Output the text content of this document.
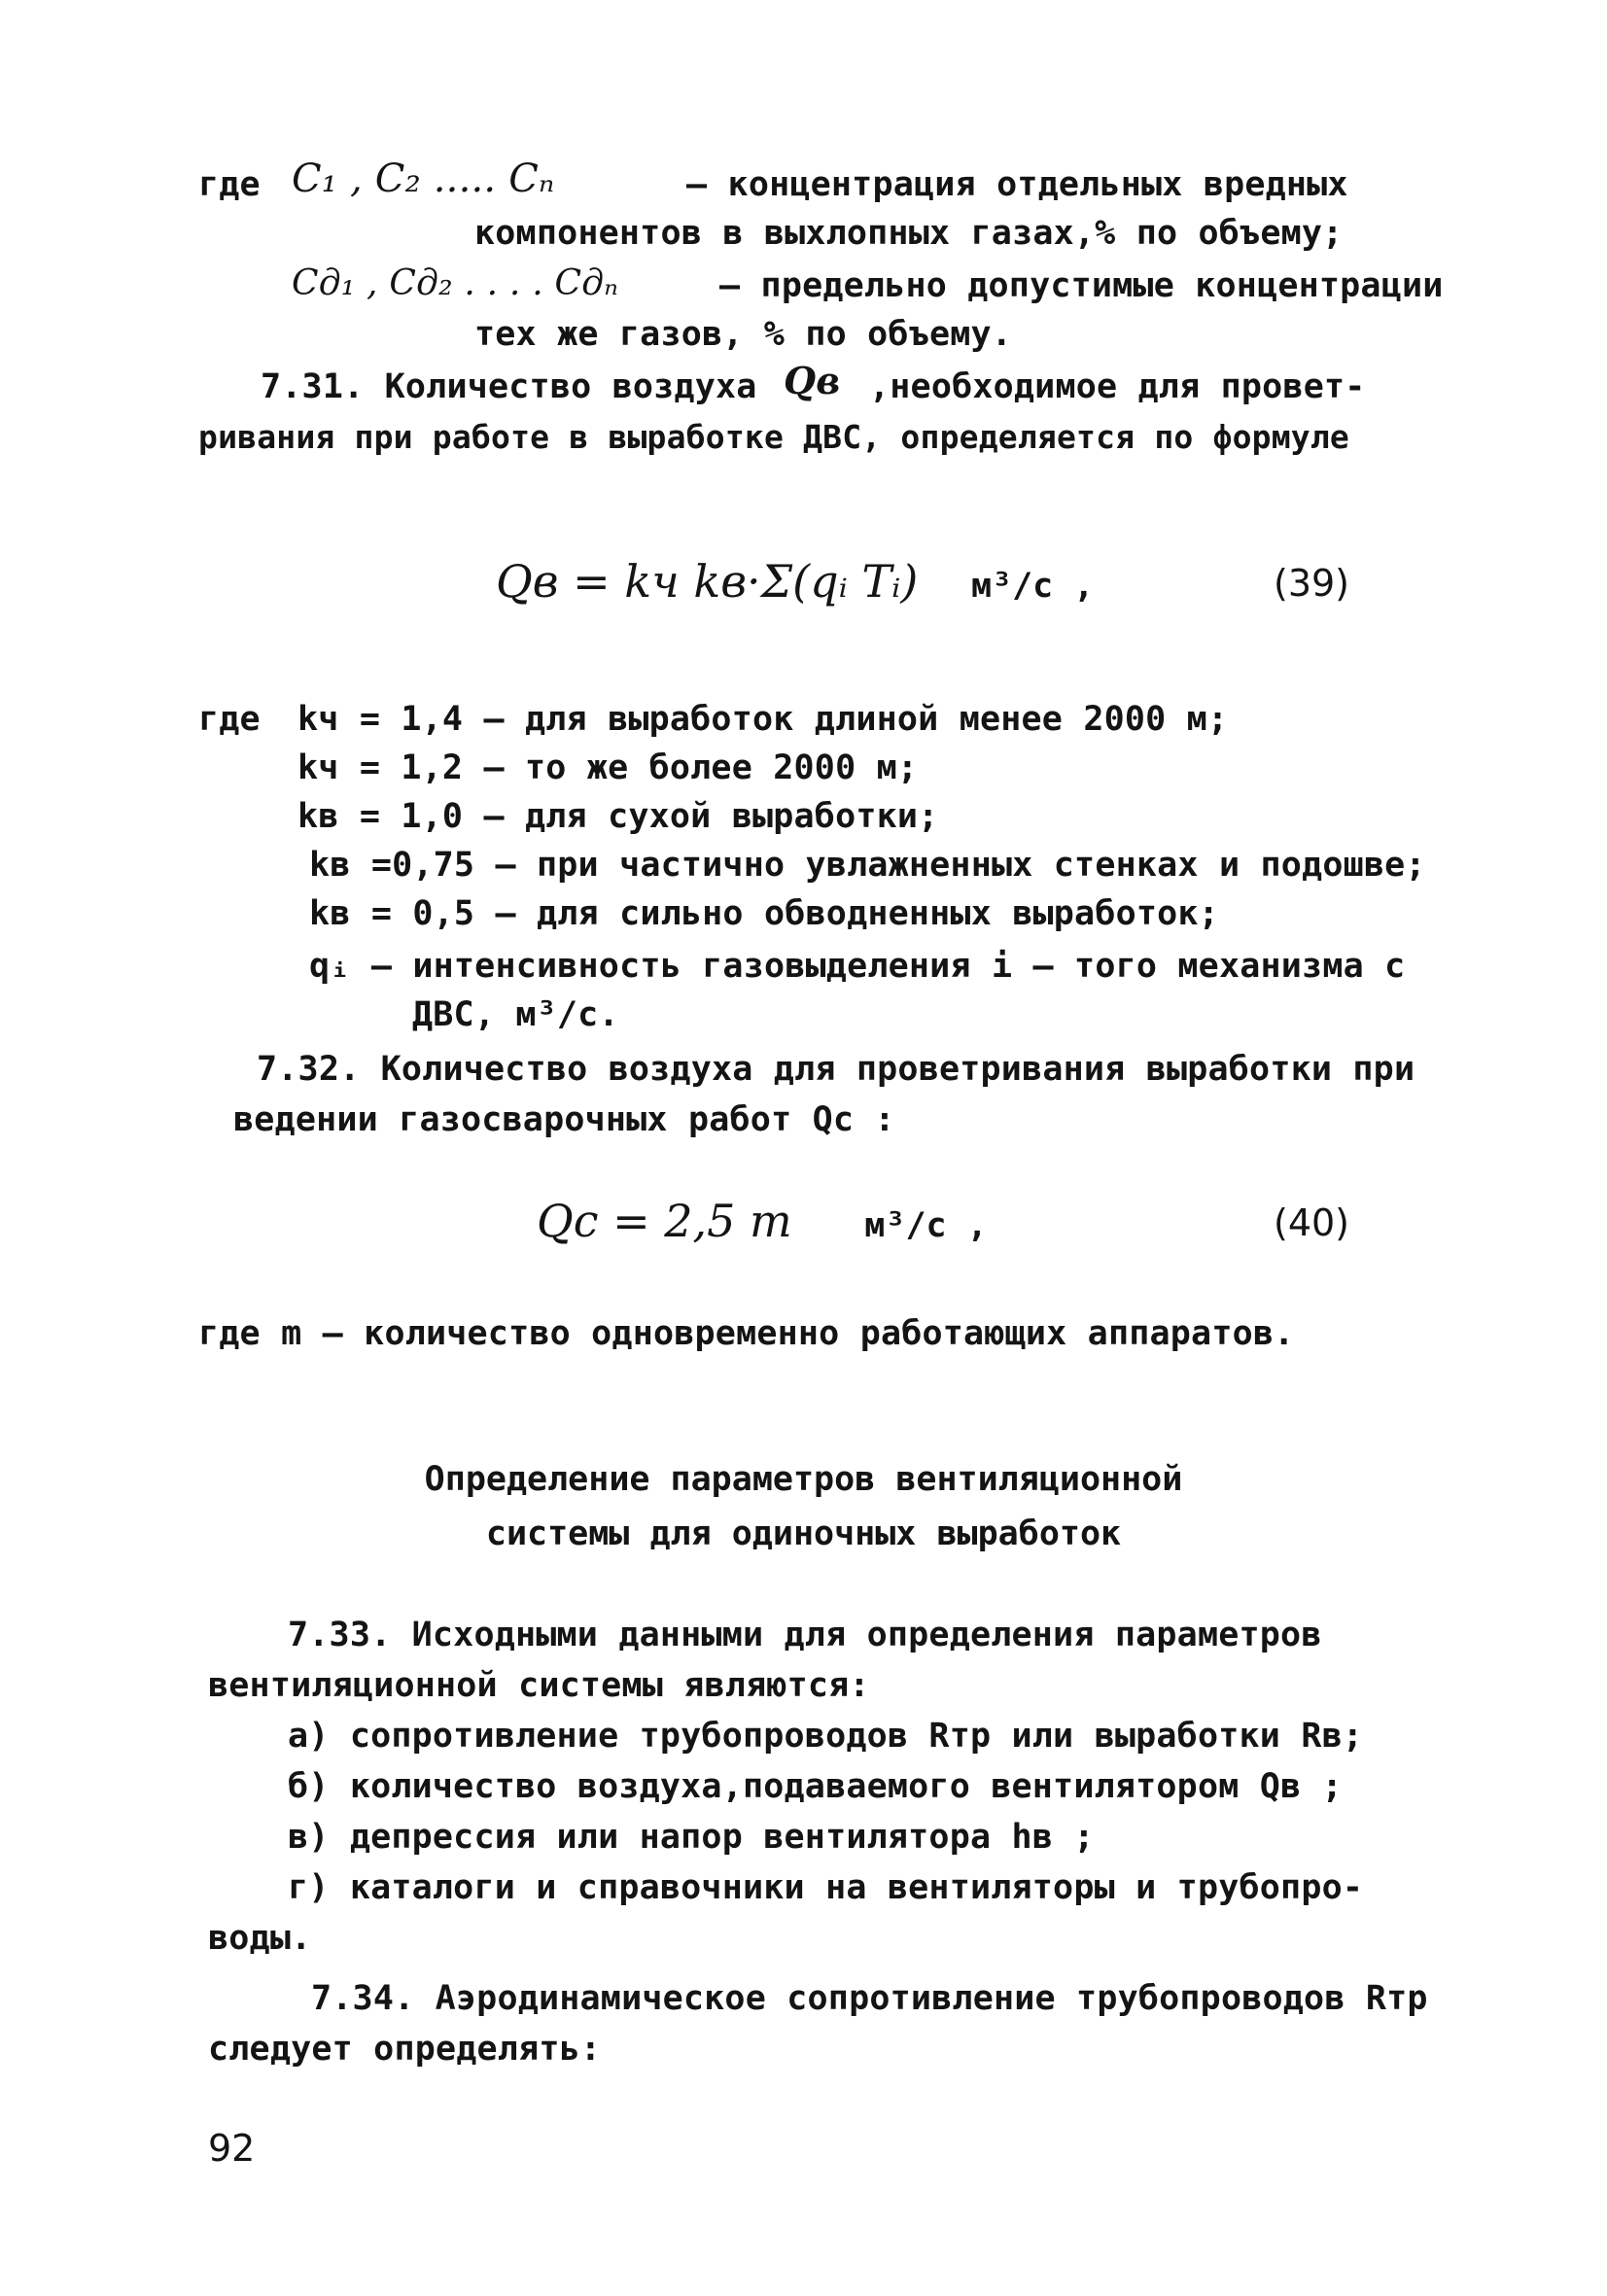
где C₁ , C₂ ..... Cₙ	– концентрация отдельных вредных
компонентов в выхлопных газах,% по объему;
Cд₁ , Cд₂ . . . . Cдₙ	– предельно допустимые концентрации
тех же газов, % по объему.
7.31. Количество воздуха Qв ,необходимое для провет-
ривания при работе в выработке ДВС, определяется по формуле
Qв = kч kв·Σ(qᵢ Tᵢ) м³/с ,	(39)
где kч = 1,4 – для выработок длиной менее 2000 м;
kч = 1,2 – то же более 2000 м;
kв = 1,0 – для сухой выработки;
kв =0,75 – при частично увлажненных стенках и подошве;
kв = 0,5 – для сильно обводненных выработок;
qᵢ – интенсивность газовыделения i – того механизма с
ДВС, м³/с.
7.32. Количество воздуха для проветривания выработки при
ведении газосварочных работ Qс :
Qс = 2,5 m м³/с ,	(40)
где m – количество одновременно работающих аппаратов.
Определение параметров вентиляционной
системы для одиночных выработок
7.33. Исходными данными для определения параметров
вентиляционной системы являются:
а) сопротивление трубопроводов Rтр или выработки Rв;
б) количество воздуха,подаваемого вентилятором Qв ;
в) депрессия или напор вентилятора hв ;
г) каталоги и справочники на вентиляторы и трубопро-
воды.
7.34. Аэродинамическое сопротивление трубопроводов Rтр
следует определять:
92
